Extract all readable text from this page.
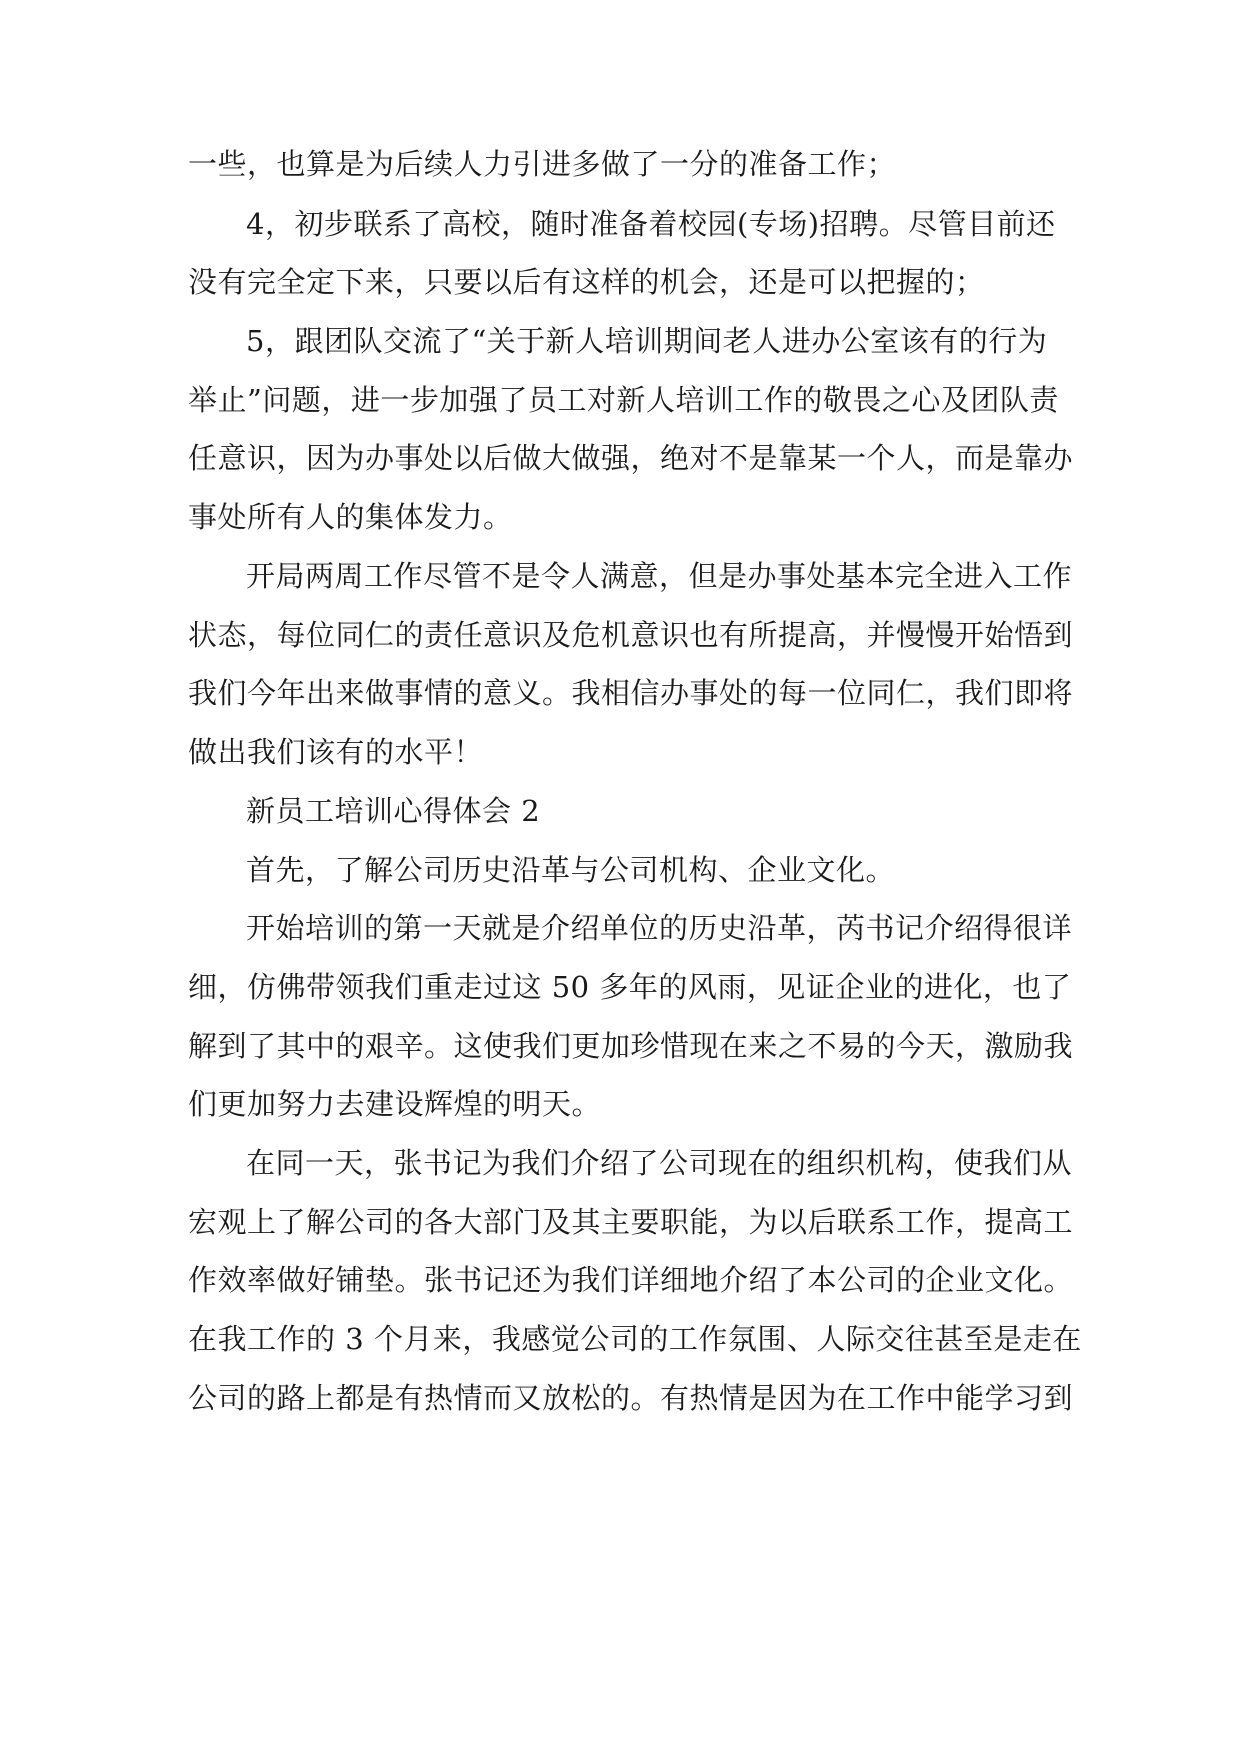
一些，也算是为后续人力引进多做了一分的准备工作；
4，初步联系了高校，随时准备着校园(专场)招聘。尽管目前还
没有完全定下来，只要以后有这样的机会，还是可以把握的；
5，跟团队交流了“关于新人培训期间老人进办公室该有的行为
举止”问题，进一步加强了员工对新人培训工作的敬畏之心及团队责
任意识，因为办事处以后做大做强，绝对不是靠某一个人，而是靠办
事处所有人的集体发力。
开局两周工作尽管不是令人满意，但是办事处基本完全进入工作
状态，每位同仁的责任意识及危机意识也有所提高，并慢慢开始悟到
我们今年出来做事情的意义。我相信办事处的每一位同仁，我们即将
做出我们该有的水平！
新员工培训心得体会 2
首先，了解公司历史沿革与公司机构、企业文化。
开始培训的第一天就是介绍单位的历史沿革，芮书记介绍得很详
细，仿佛带领我们重走过这 50 多年的风雨，见证企业的进化，也了
解到了其中的艰辛。这使我们更加珍惜现在来之不易的今天，激励我
们更加努力去建设辉煌的明天。
在同一天，张书记为我们介绍了公司现在的组织机构，使我们从
宏观上了解公司的各大部门及其主要职能，为以后联系工作，提高工
作效率做好铺垫。张书记还为我们详细地介绍了本公司的企业文化。
在我工作的 3 个月来，我感觉公司的工作氛围、人际交往甚至是走在
公司的路上都是有热情而又放松的。有热情是因为在工作中能学习到
